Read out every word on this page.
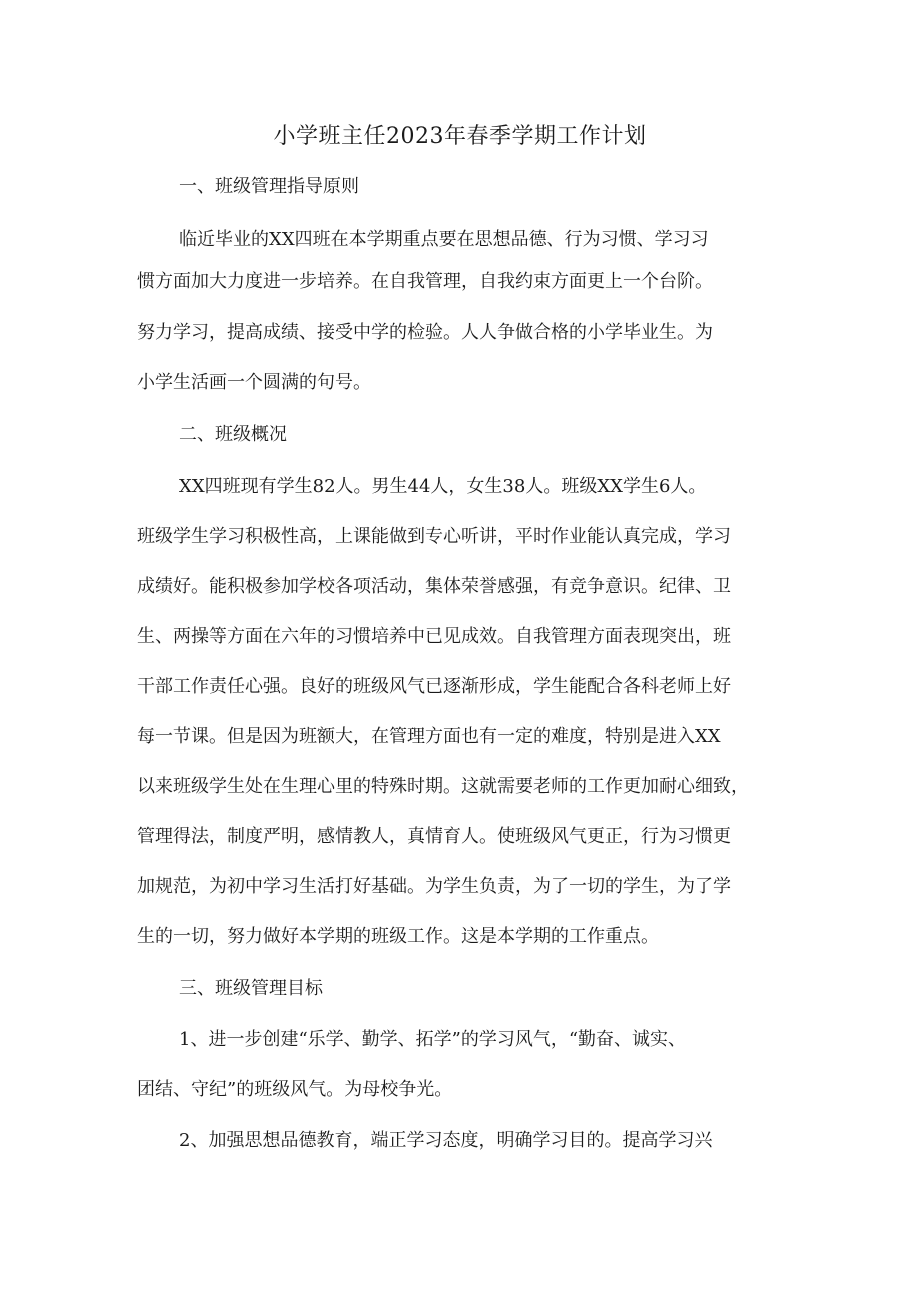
小学班主任2023年春季学期工作计划
一、班级管理指导原则
临近毕业的XX四班在本学期重点要在思想品德、行为习惯、学习习
惯方面加大力度进一步培养。在自我管理，自我约束方面更上一个台阶。
努力学习，提高成绩、接受中学的检验。人人争做合格的小学毕业生。为
小学生活画一个圆满的句号。
二、班级概况
XX四班现有学生82人。男生44人，女生38人。班级XX学生6人。
班级学生学习积极性高，上课能做到专心听讲，平时作业能认真完成，学习
成绩好。能积极参加学校各项活动，集体荣誉感强，有竞争意识。纪律、卫
生、两操等方面在六年的习惯培养中已见成效。自我管理方面表现突出，班
干部工作责任心强。良好的班级风气已逐渐形成，学生能配合各科老师上好
每一节课。但是因为班额大，在管理方面也有一定的难度，特别是进入XX
以来班级学生处在生理心里的特殊时期。这就需要老师的工作更加耐心细致，
管理得法，制度严明，感情教人，真情育人。使班级风气更正，行为习惯更
加规范，为初中学习生活打好基础。为学生负责，为了一切的学生，为了学
生的一切，努力做好本学期的班级工作。这是本学期的工作重点。
三、班级管理目标
1、进一步创建“乐学、勤学、拓学”的学习风气，“勤奋、诚实、
团结、守纪”的班级风气。为母校争光。
2、加强思想品德教育，端正学习态度，明确学习目的。提高学习兴
